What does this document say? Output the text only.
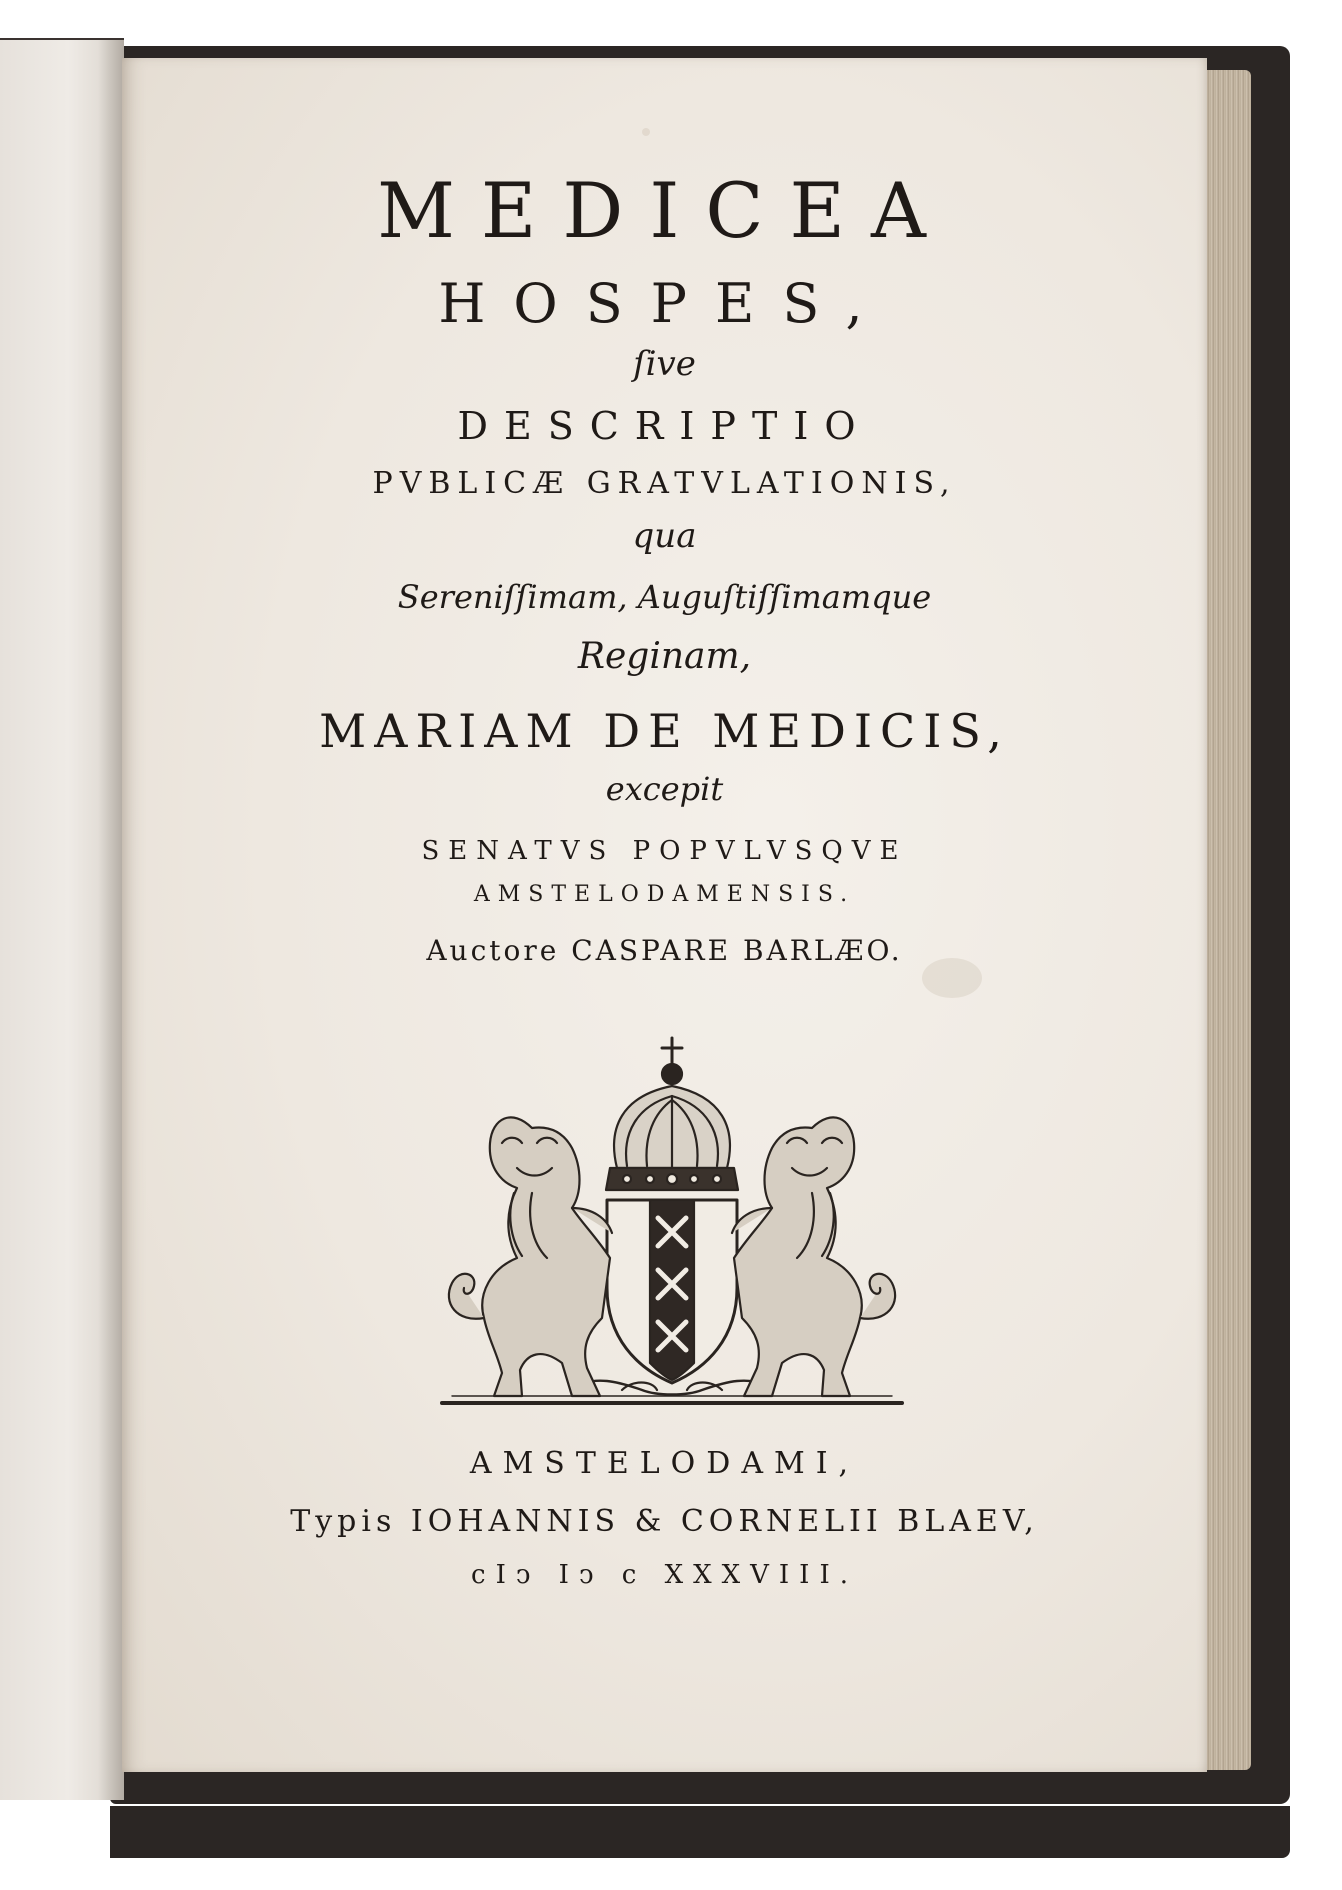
MEDICEA
HOSPES,
ſive
DESCRIPTIO
PVBLICÆ GRATVLATIONIS,
qua
Sereniſſimam, Auguſtiſſimamque
Reginam,
MARIAM DE MEDICIS,
excepit
SENATVS POPVLVSQVE
AMSTELODAMENSIS.
Auctore CASPARE BARLÆO.
AMSTELODAMI,
Typis IOHANNIS & CORNELII BLAEV,
cIↄ Iↄ c XXXVIII.
